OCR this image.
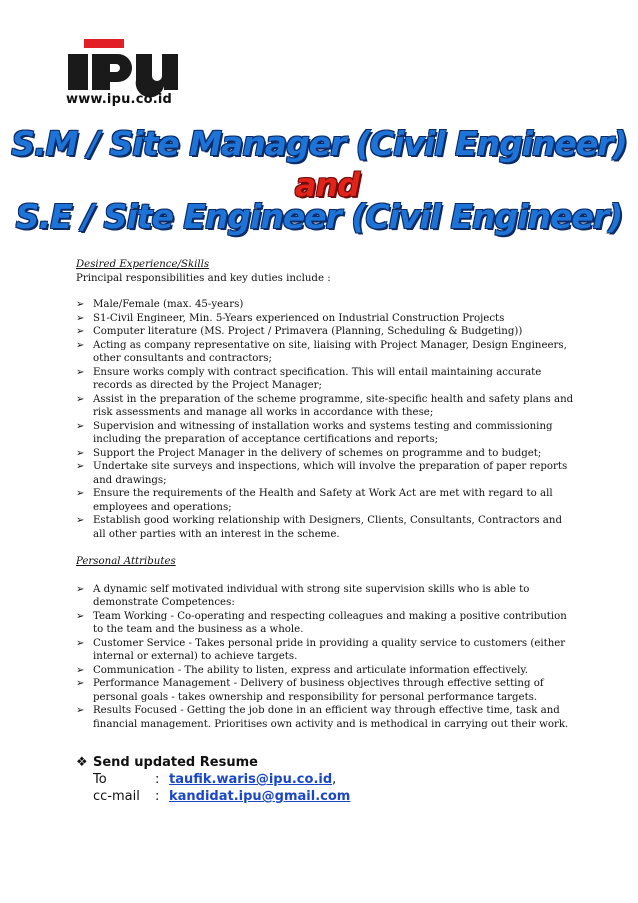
www.ipu.co.id
S.M / Site Manager (Civil Engineer)
and
S.E / Site Engineer (Civil Engineer)
Desired Experience/Skills
Principal responsibilities and key duties include :
➢ Male/Female (max. 45-years)
➢ S1-Civil Engineer, Min. 5-Years experienced on Industrial Construction Projects
➢ Computer literature (MS. Project / Primavera (Planning, Scheduling & Budgeting))
➢ Acting as company representative on site, liaising with Project Manager, Design Engineers, other consultants and contractors;
➢ Ensure works comply with contract specification. This will entail maintaining accurate records as directed by the Project Manager;
➢ Assist in the preparation of the scheme programme, site-specific health and safety plans and risk assessments and manage all works in accordance with these;
➢ Supervision and witnessing of installation works and systems testing and commissioning including the preparation of acceptance certifications and reports;
➢ Support the Project Manager in the delivery of schemes on programme and to budget;
➢ Undertake site surveys and inspections, which will involve the preparation of paper reports and drawings;
➢ Ensure the requirements of the Health and Safety at Work Act are met with regard to all employees and operations;
➢ Establish good working relationship with Designers, Clients, Consultants, Contractors and all other parties with an interest in the scheme.
Personal Attributes
➢ A dynamic self motivated individual with strong site supervision skills who is able to demonstrate Competences:
➢ Team Working - Co-operating and respecting colleagues and making a positive contribution to the team and the business as a whole.
➢ Customer Service - Takes personal pride in providing a quality service to customers (either internal or external) to achieve targets.
➢ Communication - The ability to listen, express and articulate information effectively.
➢ Performance Management - Delivery of business objectives through effective setting of personal goals - takes ownership and responsibility for personal performance targets.
➢ Results Focused - Getting the job done in an efficient way through effective time, task and financial management. Prioritises own activity and is methodical in carrying out their work.
❖ Send updated Resume
To	: taufik.waris@ipu.co.id ,
cc-mail	: kandidat.ipu@gmail.com
